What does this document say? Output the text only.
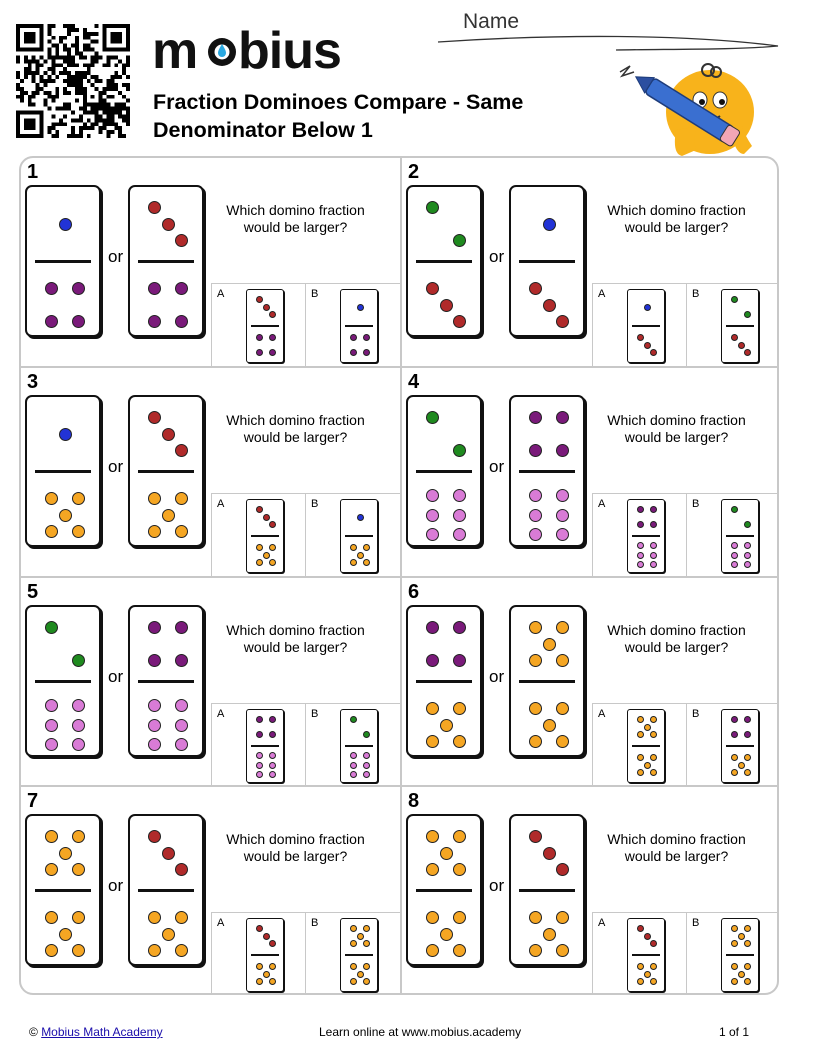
m bius
Fraction Dominoes Compare - Same
Denominator Below 1
Name
1
or
Which domino fraction would be larger?
A	B
2
or
Which domino fraction would be larger?
A	B
3
or
Which domino fraction would be larger?
A	B
4
or
Which domino fraction would be larger?
A	B
5
or
Which domino fraction would be larger?
A	B
6
or
Which domino fraction would be larger?
A	B
7
or
Which domino fraction would be larger?
A	B
8
or
Which domino fraction would be larger?
A	B
© Mobius Math Academy	Learn online at www.mobius.academy	1 of 1
